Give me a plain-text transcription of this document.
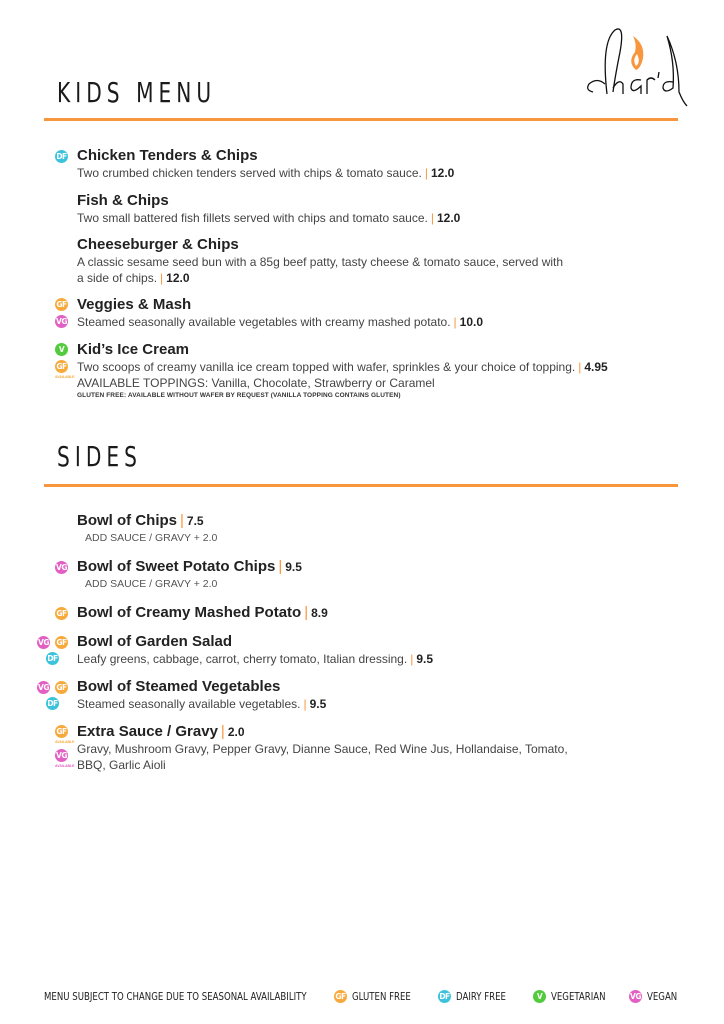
KIDS MENU
DF Chicken Tenders & Chips
Two crumbed chicken tenders served with chips & tomato sauce. | 12.0
Fish & Chips
Two small battered fish fillets served with chips and tomato sauce. | 12.0
Cheeseburger & Chips
A classic sesame seed bun with a 85g beef patty, tasty cheese & tomato sauce, served with
a side of chips. | 12.0
GF
VG
Veggies & Mash
Steamed seasonally available vegetables with creamy mashed potato. | 10.0
V
GF
AVAILABLE
Kid’s Ice Cream
Two scoops of creamy vanilla ice cream topped with wafer, sprinkles & your choice of topping. | 4.95
AVAILABLE TOPPINGS: Vanilla, Chocolate, Strawberry or Caramel
GLUTEN FREE: AVAILABLE WITHOUT WAFER BY REQUEST (VANILLA TOPPING CONTAINS GLUTEN)
SIDES
Bowl of Chips | 7.5
ADD SAUCE / GRAVY + 2.0
VG Bowl of Sweet Potato Chips | 9.5
ADD SAUCE / GRAVY + 2.0
GF Bowl of Creamy Mashed Potato | 8.9
VG GF
DF
Bowl of Garden Salad
Leafy greens, cabbage, carrot, cherry tomato, Italian dressing. | 9.5
VG GF
DF
Bowl of Steamed Vegetables
Steamed seasonally available vegetables. | 9.5
GF
AVAILABLE
VG
AVAILABLE
Extra Sauce / Gravy | 2.0
Gravy, Mushroom Gravy, Pepper Gravy, Dianne Sauce, Red Wine Jus, Hollandaise, Tomato,
BBQ, Garlic Aioli
MENU SUBJECT TO CHANGE DUE TO SEASONAL AVAILABILITY	GF GLUTEN FREE	DF DAIRY FREE	V VEGETARIAN	VG VEGAN
